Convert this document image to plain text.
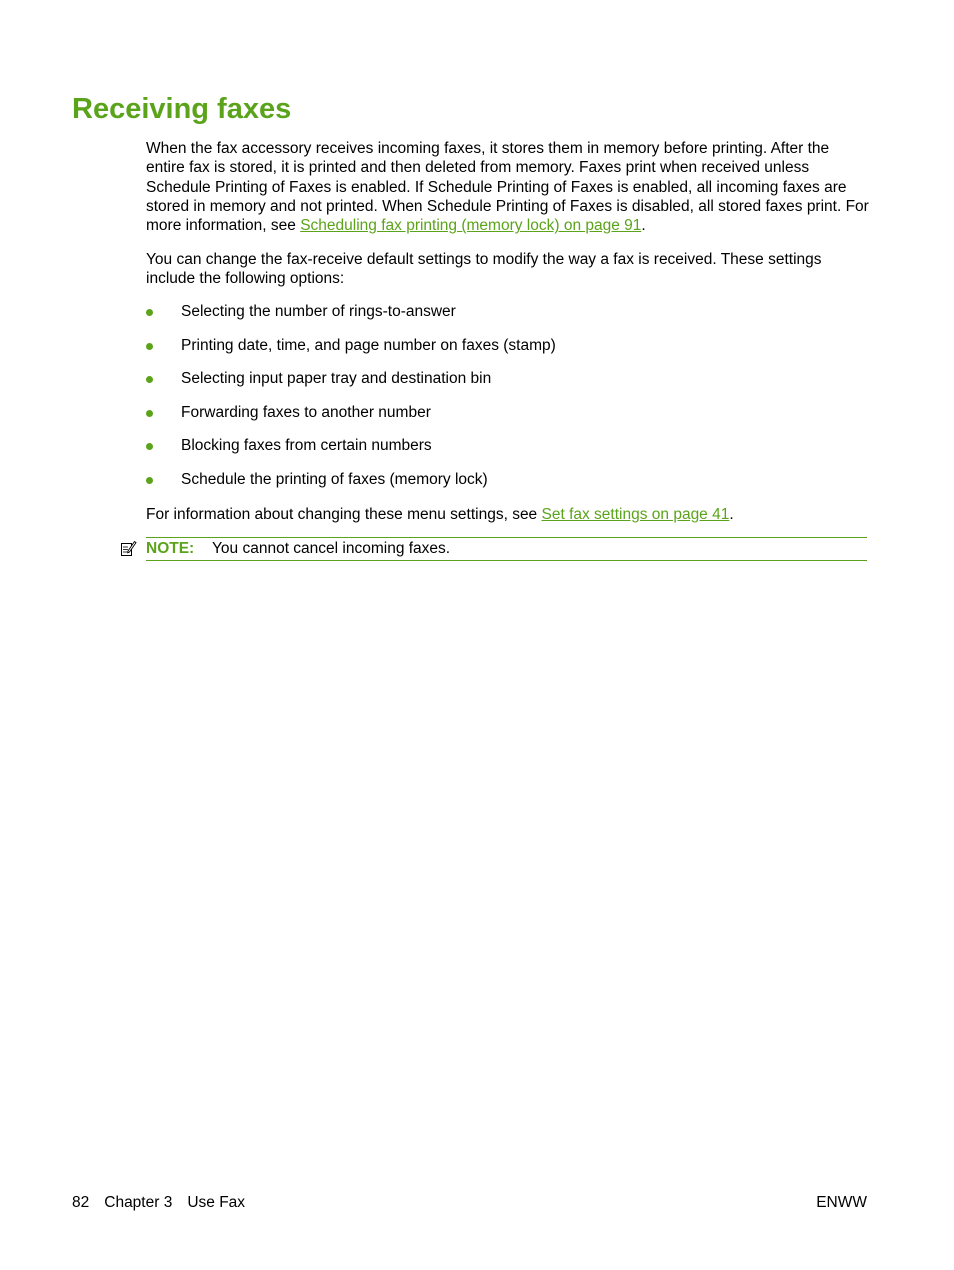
Receiving faxes

When the fax accessory receives incoming faxes, it stores them in memory before printing. After the entire fax is stored, it is printed and then deleted from memory. Faxes print when received unless Schedule Printing of Faxes is enabled. If Schedule Printing of Faxes is enabled, all incoming faxes are stored in memory and not printed. When Schedule Printing of Faxes is disabled, all stored faxes print. For more information, see Scheduling fax printing (memory lock) on page 91.

You can change the fax-receive default settings to modify the way a fax is received. These settings include the following options:

Selecting the number of rings-to-answer
Printing date, time, and page number on faxes (stamp)
Selecting input paper tray and destination bin
Forwarding faxes to another number
Blocking faxes from certain numbers
Schedule the printing of faxes (memory lock)

For information about changing these menu settings, see Set fax settings on page 41.

NOTE: You cannot cancel incoming faxes.
82 Chapter 3 Use Fax	ENWW
